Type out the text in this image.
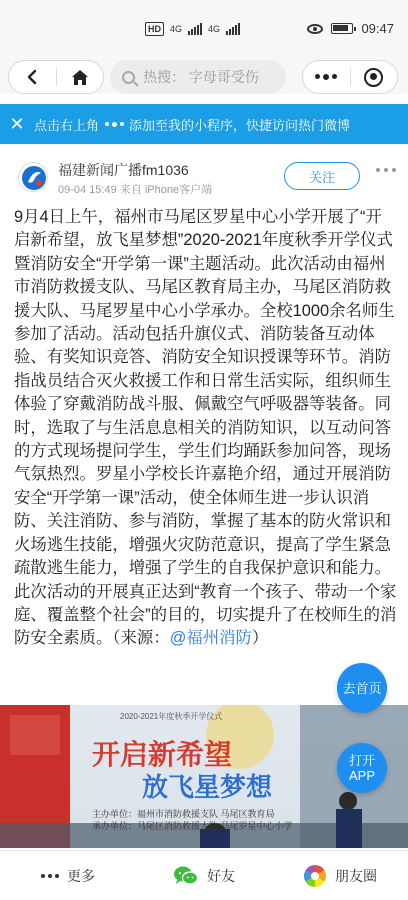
HD	4G	4G	09:47
热搜： 字母哥受伤
✕ 点击右上角 添加至我的小程序，快捷访问热门微博
福建新闻广播fm1036
09-04 15:49 来自 iPhone客户端
关注
9月4日上午，福州市马尾区罗星中心小学开展了“开启新希望，放飞星梦想”2020-2021年度秋季开学仪式暨消防安全“开学第一课”主题活动。此次活动由福州市消防救援支队、马尾区教育局主办，马尾区消防救援大队、马尾罗星中心小学承办。全校1000余名师生参加了活动。活动包括升旗仪式、消防装备互动体验、有奖知识竞答、消防安全知识授课等环节。消防指战员结合灭火救援工作和日常生活实际，组织师生体验了穿戴消防战斗服、佩戴空气呼吸器等装备。同时，选取了与生活息息相关的消防知识，以互动问答的方式现场提问学生，学生们均踊跃参加问答，现场气氛热烈。罗星小学校长许嘉艳介绍，通过开展消防安全“开学第一课”活动，使全体师生进一步认识消防、关注消防、参与消防，掌握了基本的防火常识和火场逃生技能，增强火灾防范意识，提高了学生紧急疏散逃生能力，增强了学生的自我保护意识和能力。此次活动的开展真正达到“教育一个孩子、带动一个家庭、覆盖整个社会”的目的，切实提升了在校师生的消防安全素质。（来源：@福州消防）
2020-2021年度秋季开学仪式
开启新希望
放飞星梦想
主办单位：福州市消防救援支队 马尾区教育局
承办单位：马尾区消防救援大队 马尾罗星中心小学
去首页
打开
APP
更多	好友	朋友圈
